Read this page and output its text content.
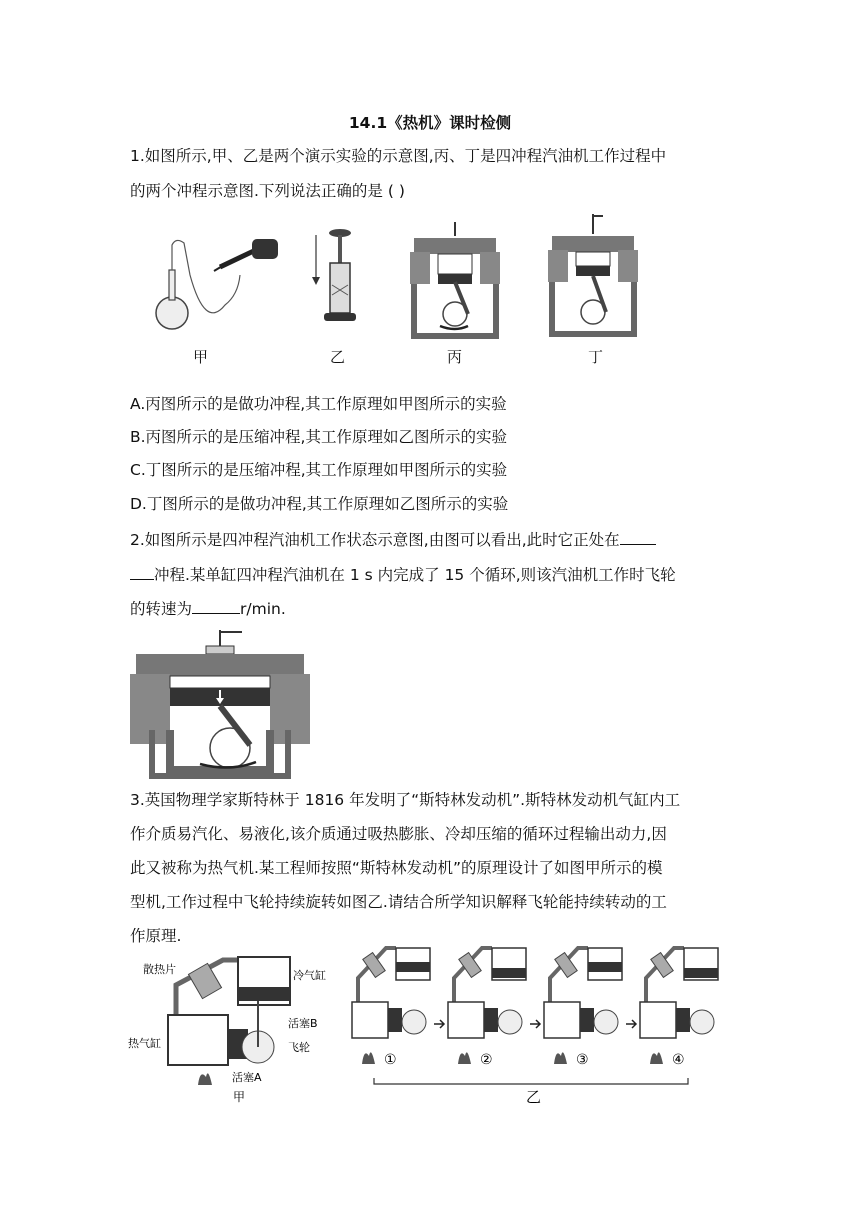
14.1《热机》课时检侧
1.如图所示,甲、乙是两个演示实验的示意图,丙、丁是四冲程汽油机工作过程中
的两个冲程示意图.下列说法正确的是 ( )
甲	乙	丙	丁
A.丙图所示的是做功冲程,其工作原理如甲图所示的实验
B.丙图所示的是压缩冲程,其工作原理如乙图所示的实验
C.丁图所示的是压缩冲程,其工作原理如甲图所示的实验
D.丁图所示的是做功冲程,其工作原理如乙图所示的实验
2.如图所示是四冲程汽油机工作状态示意图,由图可以看出,此时它正处在
冲程.某单缸四冲程汽油机在 1 s 内完成了 15 个循环,则该汽油机工作时飞轮
的转速为	r/min.
3.英国物理学家斯特林于 1816 年发明了“斯特林发动机”.斯特林发动机气缸内工
作介质易汽化、易液化,该介质通过吸热膨胀、冷却压缩的循环过程输出动力,因
此又被称为热气机.某工程师按照“斯特林发动机”的原理设计了如图甲所示的模
型机,工作过程中飞轮持续旋转如图乙.请结合所学知识解释飞轮能持续转动的工
作原理.
散热片	冷气缸
活塞B
热气缸	飞轮
活塞A
甲
①	②	③	④
乙
